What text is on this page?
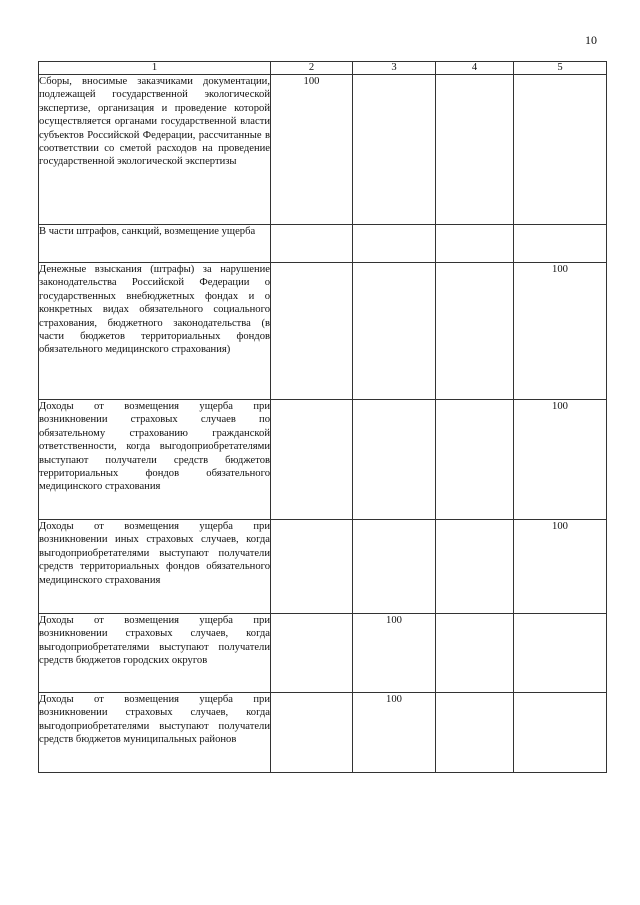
10
1	2	3	4	5
Сборы, вносимые заказчиками документации, подлежащей государственной экологической экспертизе, организация и проведение которой осуществляется органами государственной власти субъектов Российской Федерации, рассчитанные в соответствии со сметой расходов на проведение государственной экологической экспертизы	100			
В части штрафов, санкций, возмещение ущерба				
Денежные взыскания (штрафы) за нарушение законодательства Российской Федерации о государственных внебюджетных фондах и о конкретных видах обязательного социального страхования, бюджетного законодательства (в части бюджетов территориальных фондов обязательного медицинского страхования)				100
Доходы от возмещения ущерба при возникновении страховых случаев по обязательному страхованию гражданской ответственности, когда выгодоприобретателями выступают получатели средств бюджетов территориальных фондов обязательного медицинского страхования				100
Доходы от возмещения ущерба при возникновении иных страховых случаев, когда выгодоприобретателями выступают получатели средств территориальных фондов обязательного медицинского страхования				100
Доходы от возмещения ущерба при возникновении страховых случаев, когда выгодоприобретателями выступают получатели средств бюджетов городских округов		100		
Доходы от возмещения ущерба при возникновении страховых случаев, когда выгодоприобретателями выступают получатели средств бюджетов муниципальных районов		100		
